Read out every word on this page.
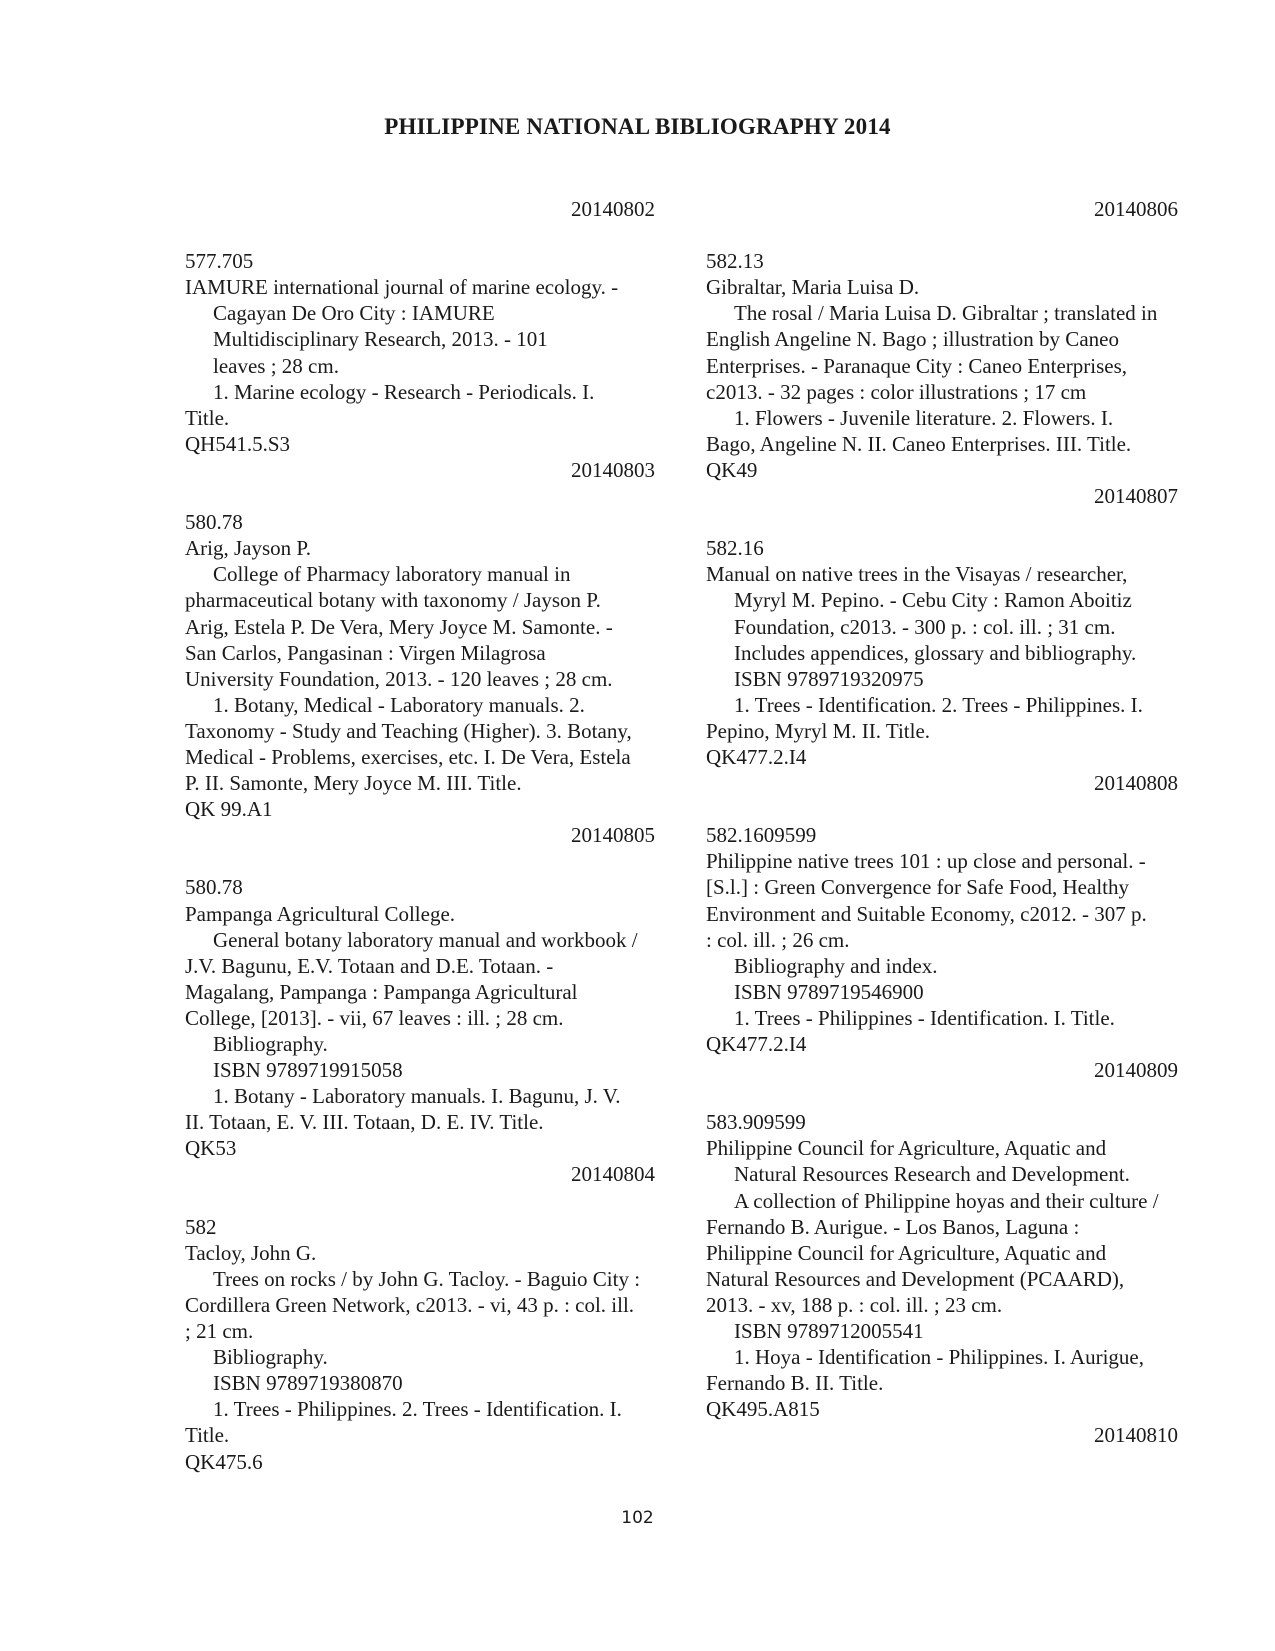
PHILIPPINE NATIONAL BIBLIOGRAPHY 2014
20140802
577.705
IAMURE international journal of marine ecology. -
Cagayan De Oro City : IAMURE
Multidisciplinary Research, 2013. - 101
leaves ; 28 cm.
1. Marine ecology - Research - Periodicals. I.
Title.
QH541.5.S3
20140803
580.78
Arig, Jayson P.
College of Pharmacy laboratory manual in
pharmaceutical botany with taxonomy / Jayson P.
Arig, Estela P. De Vera, Mery Joyce M. Samonte. -
San Carlos, Pangasinan : Virgen Milagrosa
University Foundation, 2013. - 120 leaves ; 28 cm.
1. Botany, Medical - Laboratory manuals. 2.
Taxonomy - Study and Teaching (Higher). 3. Botany,
Medical - Problems, exercises, etc. I. De Vera, Estela
P. II. Samonte, Mery Joyce M. III. Title.
QK 99.A1
20140805
580.78
Pampanga Agricultural College.
General botany laboratory manual and workbook /
J.V. Bagunu, E.V. Totaan and D.E. Totaan. -
Magalang, Pampanga : Pampanga Agricultural
College, [2013]. - vii, 67 leaves : ill. ; 28 cm.
Bibliography.
ISBN 9789719915058
1. Botany - Laboratory manuals. I. Bagunu, J. V.
II. Totaan, E. V. III. Totaan, D. E. IV. Title.
QK53
20140804
582
Tacloy, John G.
Trees on rocks / by John G. Tacloy. - Baguio City :
Cordillera Green Network, c2013. - vi, 43 p. : col. ill.
; 21 cm.
Bibliography.
ISBN 9789719380870
1. Trees - Philippines. 2. Trees - Identification. I.
Title.
QK475.6
20140806
582.13
Gibraltar, Maria Luisa D.
The rosal / Maria Luisa D. Gibraltar ; translated in
English Angeline N. Bago ; illustration by Caneo
Enterprises. - Paranaque City : Caneo Enterprises,
c2013. - 32 pages : color illustrations ; 17 cm
1. Flowers - Juvenile literature. 2. Flowers. I.
Bago, Angeline N. II. Caneo Enterprises. III. Title.
QK49
20140807
582.16
Manual on native trees in the Visayas / researcher,
Myryl M. Pepino. - Cebu City : Ramon Aboitiz
Foundation, c2013. - 300 p. : col. ill. ; 31 cm.
Includes appendices, glossary and bibliography.
ISBN 9789719320975
1. Trees - Identification. 2. Trees - Philippines. I.
Pepino, Myryl M. II. Title.
QK477.2.I4
20140808
582.1609599
Philippine native trees 101 : up close and personal. -
[S.l.] : Green Convergence for Safe Food, Healthy
Environment and Suitable Economy, c2012. - 307 p.
: col. ill. ; 26 cm.
Bibliography and index.
ISBN 9789719546900
1. Trees - Philippines - Identification. I. Title.
QK477.2.I4
20140809
583.909599
Philippine Council for Agriculture, Aquatic and
Natural Resources Research and Development.
A collection of Philippine hoyas and their culture /
Fernando B. Aurigue. - Los Banos, Laguna :
Philippine Council for Agriculture, Aquatic and
Natural Resources and Development (PCAARD),
2013. - xv, 188 p. : col. ill. ; 23 cm.
ISBN 9789712005541
1. Hoya - Identification - Philippines. I. Aurigue,
Fernando B. II. Title.
QK495.A815
20140810
102
